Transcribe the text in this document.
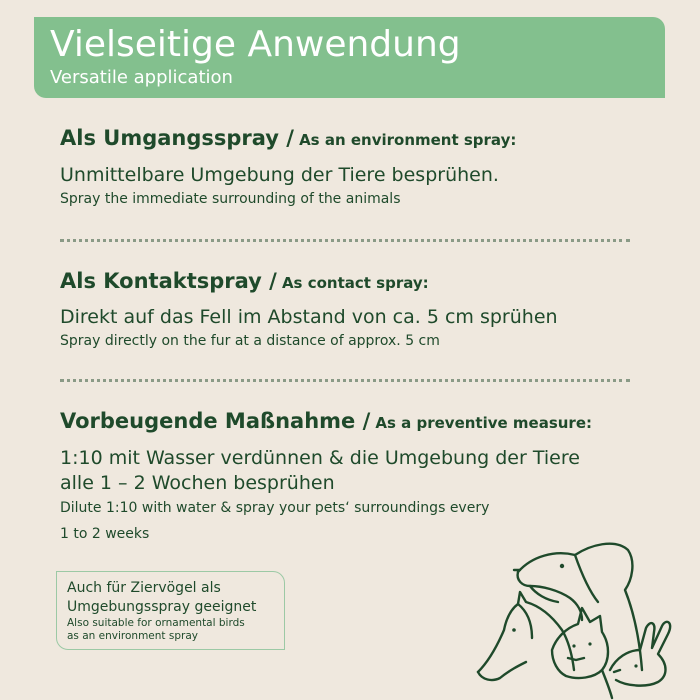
Vielseitige Anwendung
Versatile application
Als Umgangsspray / As an environment spray:
Unmittelbare Umgebung der Tiere besprühen.
Spray the immediate surrounding of the animals
Als Kontaktspray / As contact spray:
Direkt auf das Fell im Abstand von ca. 5 cm sprühen
Spray directly on the fur at a distance of approx. 5 cm
Vorbeugende Maßnahme / As a preventive measure:
1:10 mit Wasser verdünnen & die Umgebung der Tiere
alle 1 – 2 Wochen besprühen
Dilute 1:10 with water & spray your pets‘ surroundings every
1 to 2 weeks
Auch für Ziervögel als
Umgebungsspray geeignet
Also suitable for ornamental birds
as an environment spray
